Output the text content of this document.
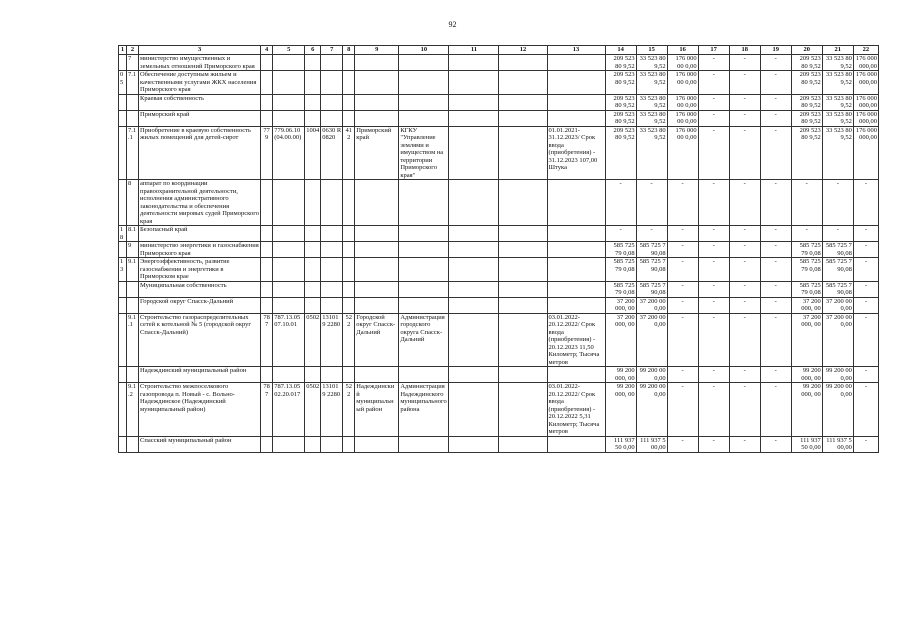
92
1	2	3	4	5	6	7	8	9	10	11	12	13	14	15	16	17	18	19	20	21	22
	7	министерство имущественных и земельных отношений Приморского края											209 523 80 9,52	33 523 80 9,52	176 000 00 0,00	-	-	-	209 523 80 9,52	33 523 80 9,52	176 000 000,00
05	7.1	Обеспечение доступным жильем и качественными услугами ЖКХ населения Приморского края											209 523 80 9,52	33 523 80 9,52	176 000 00 0,00	-	-	-	209 523 80 9,52	33 523 80 9,52	176 000 000,00
		Краевая собственность											209 523 80 9,52	33 523 80 9,52	176 000 00 0,00	-	-	-	209 523 80 9,52	33 523 80 9,52	176 000 000,00
		Приморский край											209 523 80 9,52	33 523 80 9,52	176 000 00 0,00	-	-	-	209 523 80 9,52	33 523 80 9,52	176 000 000,00
	7.1.1	Приобретение в краевую собственность жилых помещений для детей-сирот	779	779.06.10 (04.00.00)	1004	0630 R 0820	412	Приморский край	КГКУ "Управление землями и имуществом на территории Приморского края"			01.01.2021- 31.12.2023/ Срок ввода (приобретения) - 31.12.2023 107,00 Штука	209 523 80 9,52	33 523 80 9,52	176 000 00 0,00	-	-	-	209 523 80 9,52	33 523 80 9,52	176 000 000,00
	8	аппарат по координации правоохранительной деятельности, исполнения административного законодательства и обеспечения деятельности мировых судей Приморского края											-	-	-	-	-	-	-	-	-
18	8.1	Безопасный край											-	-	-	-	-	-	-	-	-
	9	министерство энергетики и газоснабжения Приморского края											585 725 79 0,08	585 725 7 90,08	-	-	-	-	585 725 79 0,08	585 725 7 90,08	-
13	9.1	Энергоэффективность, развитие газоснабжения и энергетики в Приморском крае											585 725 79 0,08	585 725 7 90,08	-	-	-	-	585 725 79 0,08	585 725 7 90,08	-
		Муниципальная собственность											585 725 79 0,08	585 725 7 90,08	-	-	-	-	585 725 79 0,08	585 725 7 90,08	-
		Городской округ Спасск-Дальний											37 200 000, 00	37 200 00 0,00	-	-	-	-	37 200 000, 00	37 200 00 0,00	-
	9.1.1	Строительство газораспределительных сетей к котельной № 5 (городской округ Спасск-Дальний)	787	787.13.05 07.10.01	0502	13101 9 2280	522	Городской округ Спасск-Дальний	Администрация городского округа Спасск-Дальний			03.01.2022- 20.12.2022/ Срок ввода (приобретения) - 20.12.2023 11,50 Километр; Тысяча метров	37 200 000, 00	37 200 00 0,00	-	-	-	-	37 200 000, 00	37 200 00 0,00	-
		Надеждинский муниципальный район											99 200 000, 00	99 200 00 0,00	-	-	-	-	99 200 000, 00	99 200 00 0,00	-
	9.1.2	Строительство межпоселкового газопровода п. Новый - с. Вольно-Надеждинское (Надеждинский муниципальный район)	787	787.13.05 02.20.017	0502	13101 9 2280	522	Надеждинский муниципальный район	Администрация Надеждинского муниципального района			03.01.2022- 20.12.2022/ Срок ввода (приобретения) - 20.12.2022 5,31 Километр; Тысяча метров	99 200 000, 00	99 200 00 0,00	-	-	-	-	99 200 000, 00	99 200 00 0,00	-
		Спасский муниципальный район											111 937 50 0,00	111 937 5 00,00	-	-	-	-	111 937 50 0,00	111 937 5 00,00	-
